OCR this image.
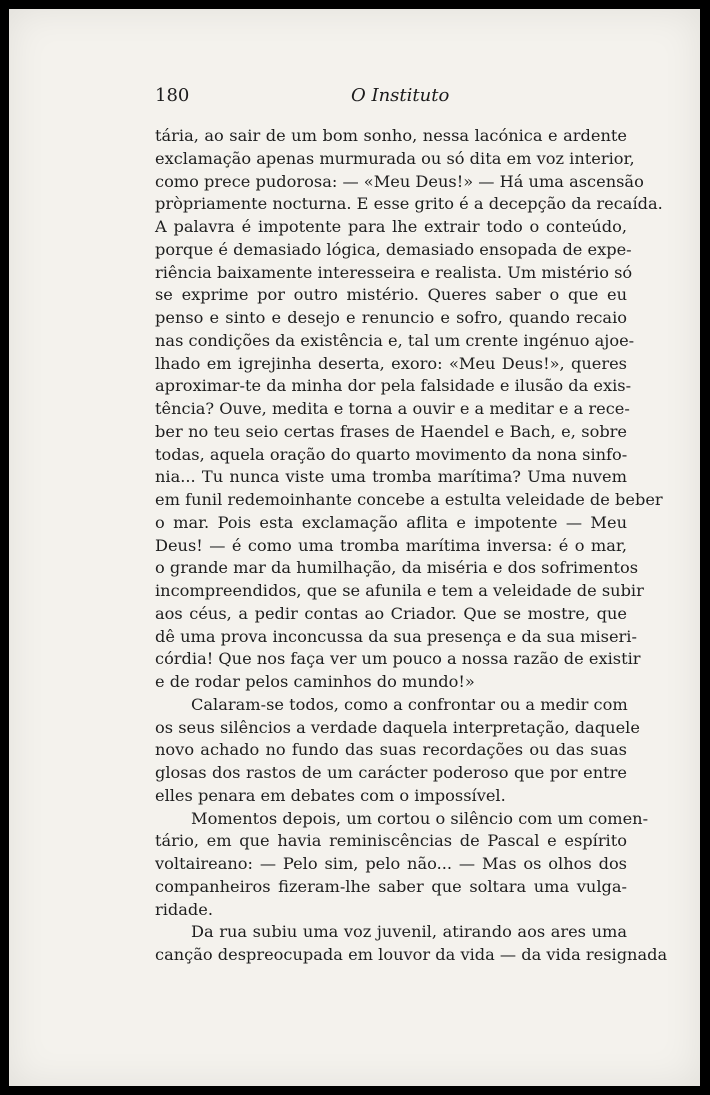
180	O Instituto
tária, ao sair de um bom sonho, nessa lacónica e ardente
exclamação apenas murmurada ou só dita em voz interior,
como prece pudorosa: — «Meu Deus!» — Há uma ascensão
pròpriamente nocturna. E esse grito é a decepção da recaída.
A palavra é impotente para lhe extrair todo o conteúdo,
porque é demasiado lógica, demasiado ensopada de expe-
riência baixamente interesseira e realista. Um mistério só
se exprime por outro mistério. Queres saber o que eu
penso e sinto e desejo e renuncio e sofro, quando recaio
nas condições da existência e, tal um crente ingénuo ajoe-
lhado em igrejinha deserta, exoro: «Meu Deus!», queres
aproximar-te da minha dor pela falsidade e ilusão da exis-
tência? Ouve, medita e torna a ouvir e a meditar e a rece-
ber no teu seio certas frases de Haendel e Bach, e, sobre
todas, aquela oração do quarto movimento da nona sinfo-
nia... Tu nunca viste uma tromba marítima? Uma nuvem
em funil redemoinhante concebe a estulta veleidade de beber
o mar. Pois esta exclamação aflita e impotente — Meu
Deus! — é como uma tromba marítima inversa: é o mar,
o grande mar da humilhação, da miséria e dos sofrimentos
incompreendidos, que se afunila e tem a veleidade de subir
aos céus, a pedir contas ao Criador. Que se mostre, que
dê uma prova inconcussa da sua presença e da sua miseri-
córdia! Que nos faça ver um pouco a nossa razão de existir
e de rodar pelos caminhos do mundo!»
Calaram-se todos, como a confrontar ou a medir com
os seus silêncios a verdade daquela interpretação, daquele
novo achado no fundo das suas recordações ou das suas
glosas dos rastos de um carácter poderoso que por entre
elles penara em debates com o impossível.
Momentos depois, um cortou o silêncio com um comen-
tário, em que havia reminiscências de Pascal e espírito
voltaireano: — Pelo sim, pelo não... — Mas os olhos dos
companheiros fizeram-lhe saber que soltara uma vulga-
ridade.
Da rua subiu uma voz juvenil, atirando aos ares uma
canção despreocupada em louvor da vida — da vida resignada
